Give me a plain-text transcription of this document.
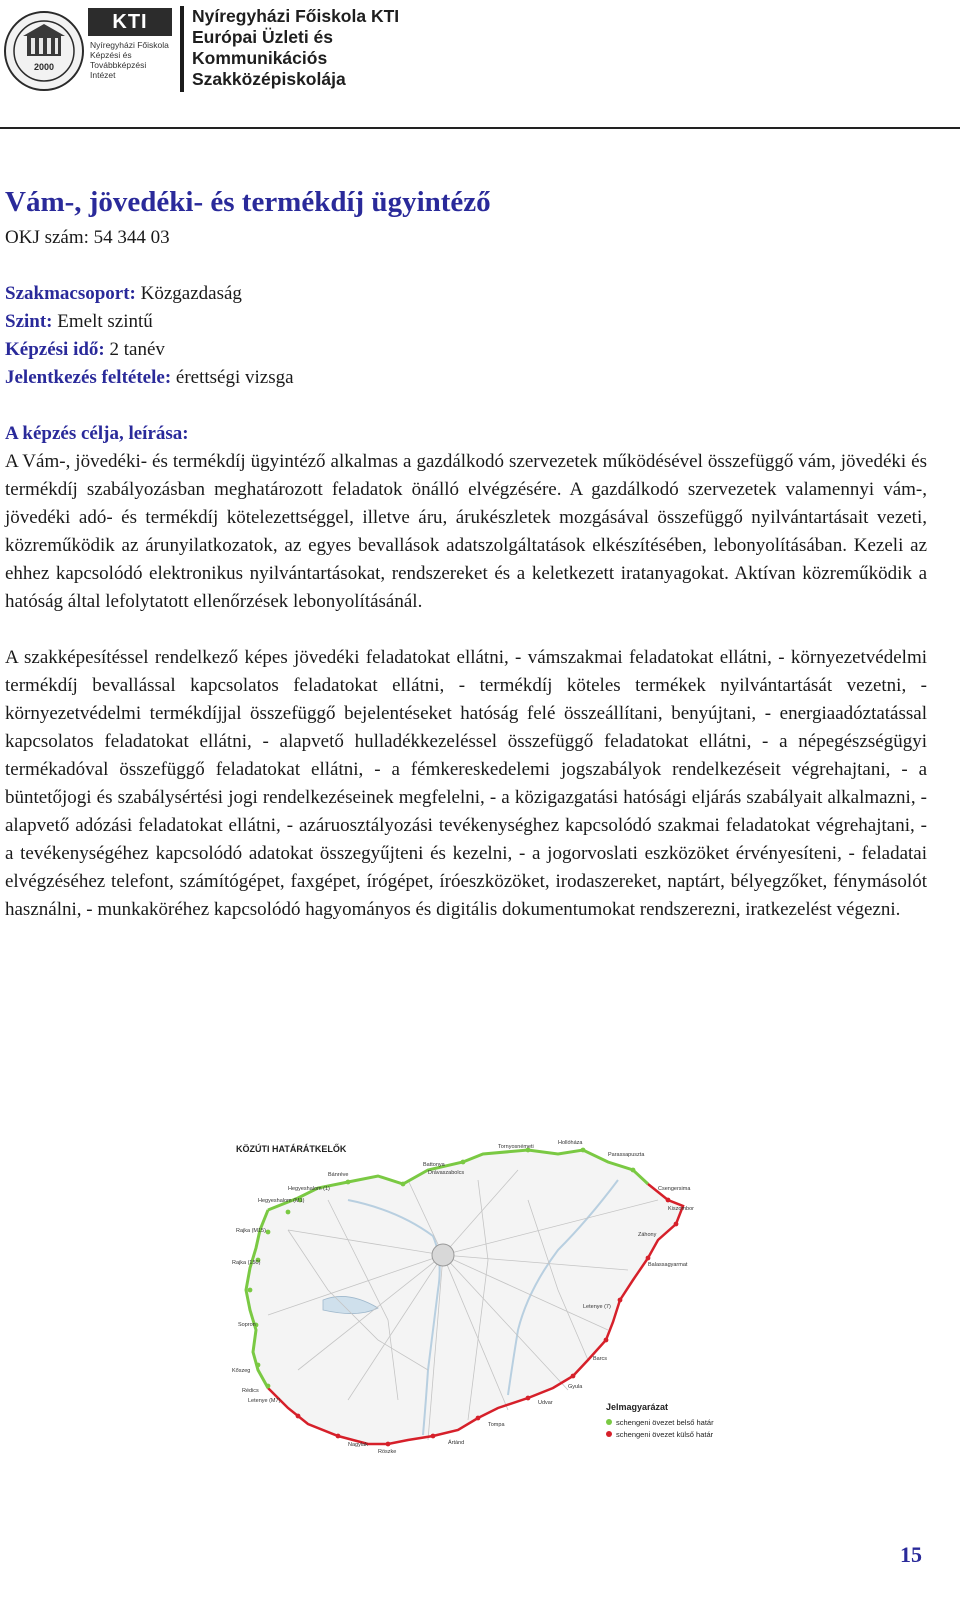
2000
KTI
Nyíregyházi Főiskola
Képzési és
Továbbképzési
Intézet
Nyíregyházi Főiskola KTI
Európai Üzleti és
Kommunikációs
Szakközépiskolája
Vám-, jövedéki- és termékdíj ügyintéző
OKJ szám: 54 344 03
Szakmacsoport: Közgazdaság
Szint: Emelt szintű
Képzési idő: 2 tanév
Jelentkezés feltétele: érettségi vizsga
A képzés célja, leírása:

A Vám-, jövedéki- és termékdíj ügyintéző alkalmas a gazdálkodó szervezetek működésével összefüggő vám, jövedéki és termékdíj szabályozásban meghatározott feladatok önálló elvégzésére. A gazdálkodó szervezetek valamennyi vám-, jövedéki adó- és termékdíj kötelezettséggel, illetve áru, árukészletek mozgásával összefüggő nyilvántartásait vezeti, közreműködik az árunyilatkozatok, az egyes bevallások adatszolgáltatások elkészítésében, lebonyolításában. Kezeli az ehhez kapcsolódó elektronikus nyilvántartásokat, rendszereket és a keletkezett iratanyagokat. Aktívan közreműködik a hatóság által lefolytatott ellenőrzések lebonyolításánál.

A szakképesítéssel rendelkező képes jövedéki feladatokat ellátni, - vámszakmai feladatokat ellátni, - környezetvédelmi termékdíj bevallással kapcsolatos feladatokat ellátni, - termékdíj köteles termékek nyilvántartását vezetni, - környezetvédelmi termékdíjjal összefüggő bejelentéseket hatóság felé összeállítani, benyújtani, - energiaadóztatással kapcsolatos feladatokat ellátni, - alapvető hulladékkezeléssel összefüggő feladatokat ellátni, - a népegészségügyi termékadóval összefüggő feladatokat ellátni, - a fémkereskedelemi jogszabályok rendelkezéseit végrehajtani, - a büntetőjogi és szabálysértési jogi rendelkezéseinek megfelelni, - a közigazgatási hatósági eljárás szabályait alkalmazni, - alapvető adózási feladatokat ellátni, - azáruosztályozási tevékenységhez kapcsolódó szakmai feladatokat végrehajtani, - a tevékenységéhez kapcsolódó adatokat összegyűjteni és kezelni, - a jogorvoslati eszközöket érvényesíteni, - feladatai elvégzéséhez telefont, számítógépet, faxgépet, írógépet, íróeszközöket, irodaszereket, naptárt, bélyegzőket, fénymásolót használni, - munkaköréhez kapcsolódó hagyományos és digitális dokumentumokat rendszerezni, iratkezelést végezni.

Hegyeshalom (M1)
Hegyeshalom (1)
Rajka (M15)
Rajka (150)
Sopron
Kőszeg
Rédics
Letenye (M7)
Letenye (7)
Barcs
Udvar
Röszke
Nagylak	Ártánd
Csengersima
Záhony
Drávaszabolcs
Tornyosnémeti
Bánréve
Hollóháza
Parassapuszta
Balassagyarmat
Kiszombor
Tompa
Gyula
Battonya
KÖZÚTI HATÁRÁTKELŐK
Jelmagyarázat
schengeni övezet belső határ
schengeni övezet külső határ
15
